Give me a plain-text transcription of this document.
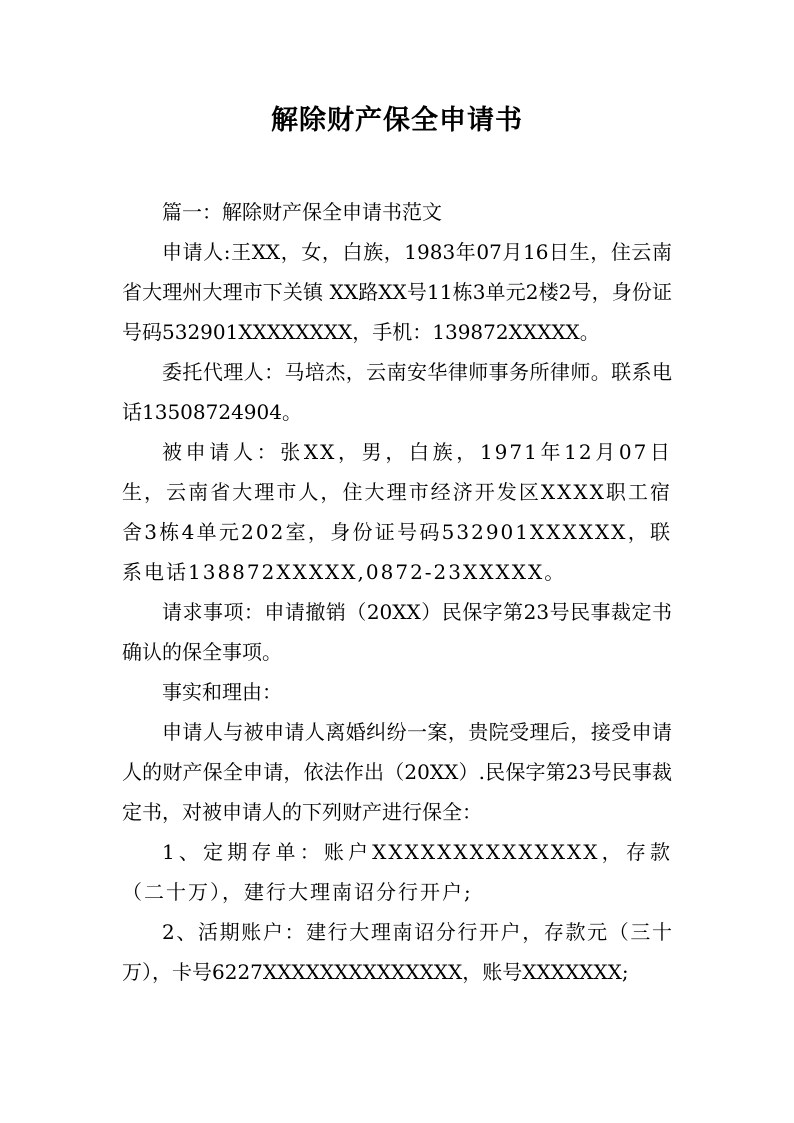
解除财产保全申请书

篇一：解除财产保全申请书范文

申请人:王XX，女，白族，1983年07月16日生，住云南省大理州大理市下关镇 XX路XX号11栋3单元2楼2号，身份证号码532901XXXXXXXX，手机：139872XXXXX。

委托代理人：马培杰，云南安华律师事务所律师。联系电话13508724904。

被申请人：张XX，男，白族，1971年12月07日生，云南省大理市人，住大理市经济开发区XXXX职工宿舍3栋4单元202室，身份证号码532901XXXXXX，联系电话138872XXXXX,0872-23XXXXX。

请求事项：申请撤销（20XX）民保字第23号民事裁定书确认的保全事项。

事实和理由：

申请人与被申请人离婚纠纷一案，贵院受理后，接受申请人的财产保全申请，依法作出（20XX）.民保字第23号民事裁定书，对被申请人的下列财产进行保全：

1、定期存单：账户XXXXXXXXXXXXXX，存款（二十万），建行大理南诏分行开户;

2、活期账户：建行大理南诏分行开户，存款元（三十万），卡号6227XXXXXXXXXXXXXX，账号XXXXXXX;
